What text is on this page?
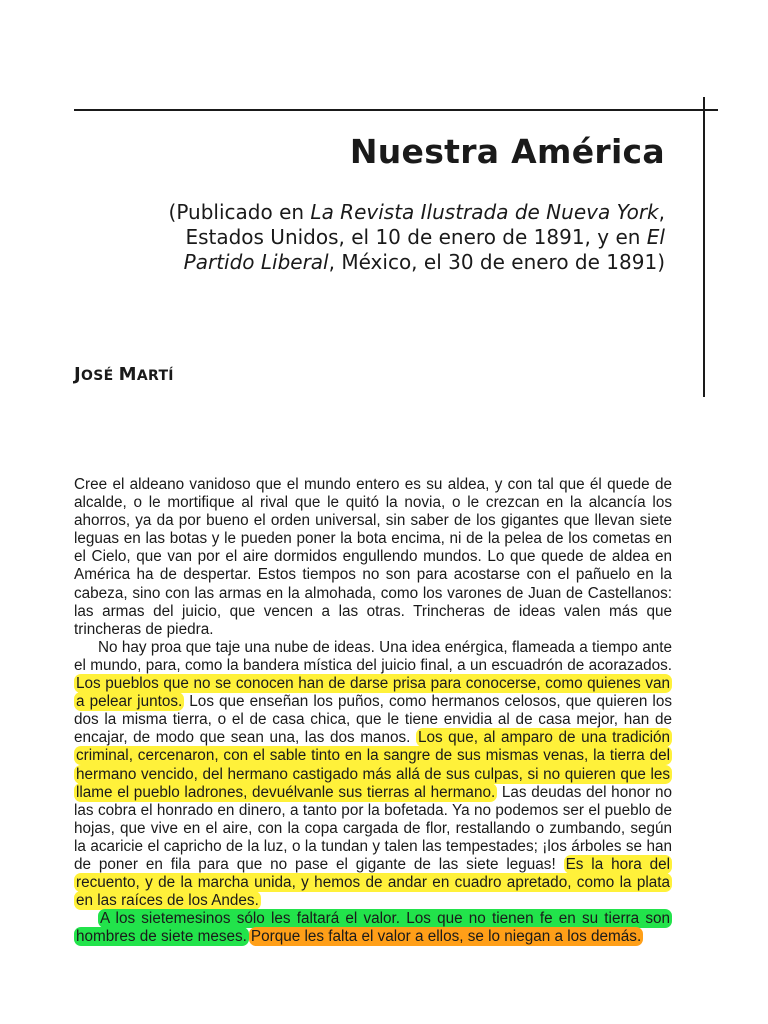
Nuestra América
(Publicado en La Revista Ilustrada de Nueva York, Estados Unidos, el 10 de enero de 1891, y en El Partido Liberal, México, el 30 de enero de 1891)
JOSÉ MARTÍ

Cree el aldeano vanidoso que el mundo entero es su aldea, y con tal que él quede de alcalde, o le mortifique al rival que le quitó la novia, o le crezcan en la alcancía los ahorros, ya da por bueno el orden universal, sin saber de los gigantes que llevan siete leguas en las botas y le pueden poner la bota encima, ni de la pelea de los cometas en el Cielo, que van por el aire dormidos engullendo mundos. Lo que quede de aldea en América ha de despertar. Estos tiempos no son para acostarse con el pañuelo en la cabeza, sino con las armas en la almohada, como los varones de Juan de Castellanos: las armas del juicio, que vencen a las otras. Trincheras de ideas valen más que trincheras de piedra.

No hay proa que taje una nube de ideas. Una idea enérgica, flameada a tiempo ante el mundo, para, como la bandera mística del juicio final, a un escuadrón de acorazados. Los pueblos que no se conocen han de darse prisa para conocerse, como quienes van a pelear juntos. Los que enseñan los puños, como hermanos celosos, que quieren los dos la misma tierra, o el de casa chica, que le tiene envidia al de casa mejor, han de encajar, de modo que sean una, las dos manos. Los que, al amparo de una tradición criminal, cercenaron, con el sable tinto en la sangre de sus mismas venas, la tierra del hermano vencido, del hermano castigado más allá de sus culpas, si no quieren que les llame el pueblo ladrones, devuélvanle sus tierras al hermano. Las deudas del honor no las cobra el honrado en dinero, a tanto por la bofetada. Ya no podemos ser el pueblo de hojas, que vive en el aire, con la copa cargada de flor, restallando o zumbando, según la acaricie el capricho de la luz, o la tundan y talen las tempestades; ¡los árboles se han de poner en fila para que no pase el gigante de las siete leguas! Es la hora del recuento, y de la marcha unida, y hemos de andar en cuadro apretado, como la plata en las raíces de los Andes.

A los sietemesinos sólo les faltará el valor. Los que no tienen fe en su tierra son hombres de siete meses. Porque les falta el valor a ellos, se lo niegan a los demás.
